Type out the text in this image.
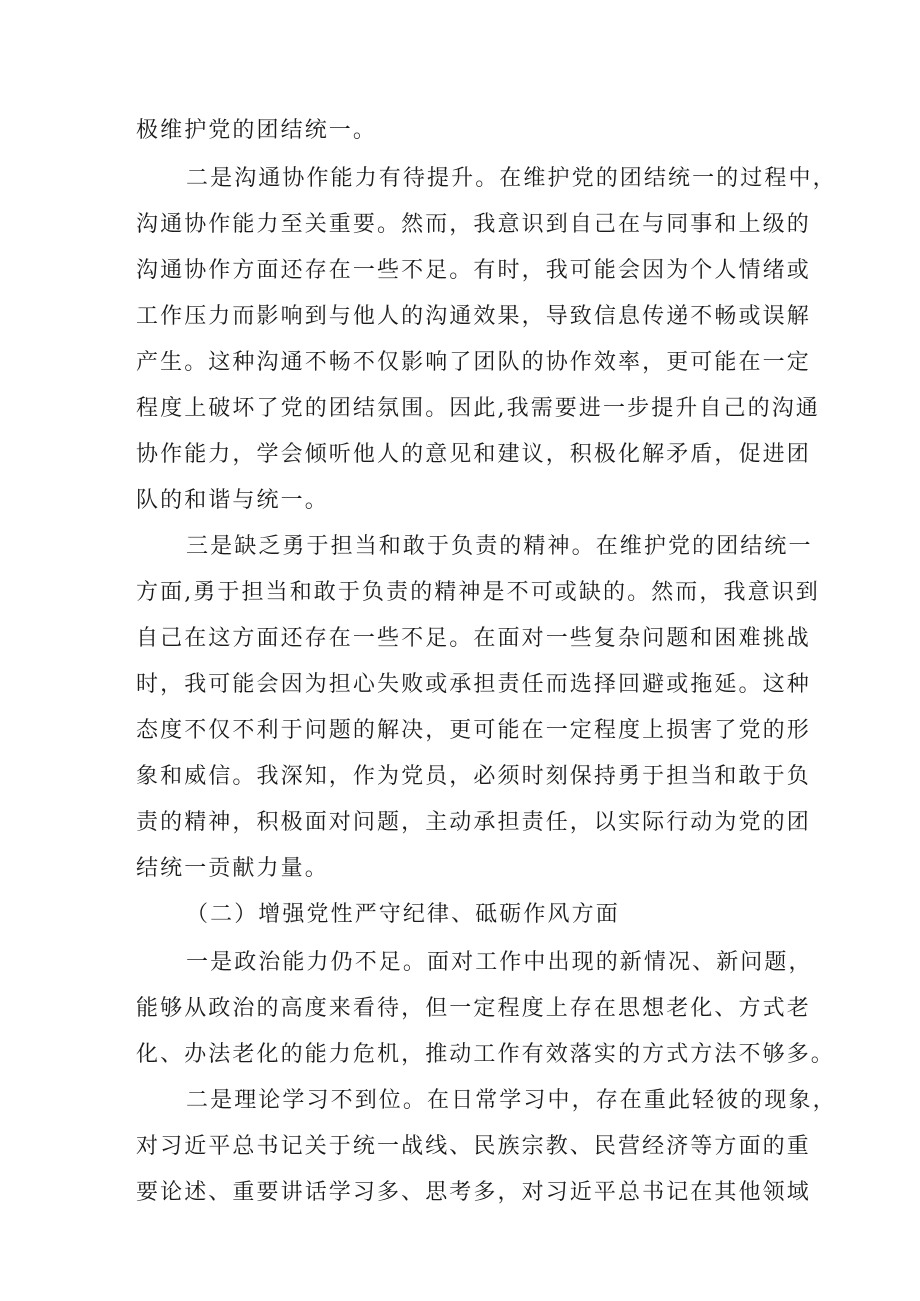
极维护党的团结统一。
二是沟通协作能力有待提升。在维护党的团结统一的过程中，
沟通协作能力至关重要。然而，我意识到自己在与同事和上级的
沟通协作方面还存在一些不足。有时，我可能会因为个人情绪或
工作压力而影响到与他人的沟通效果，导致信息传递不畅或误解
产生。这种沟通不畅不仅影响了团队的协作效率，更可能在一定
程度上破坏了党的团结氛围。因此,我需要进一步提升自己的沟通
协作能力，学会倾听他人的意见和建议，积极化解矛盾，促进团
队的和谐与统一。
三是缺乏勇于担当和敢于负责的精神。在维护党的团结统一
方面,勇于担当和敢于负责的精神是不可或缺的。然而，我意识到
自己在这方面还存在一些不足。在面对一些复杂问题和困难挑战
时，我可能会因为担心失败或承担责任而选择回避或拖延。这种
态度不仅不利于问题的解决，更可能在一定程度上损害了党的形
象和威信。我深知，作为党员，必须时刻保持勇于担当和敢于负
责的精神，积极面对问题，主动承担责任，以实际行动为党的团
结统一贡献力量。
（二）增强党性严守纪律、砥砺作风方面
一是政治能力仍不足。面对工作中出现的新情况、新问题，
能够从政治的高度来看待，但一定程度上存在思想老化、方式老
化、办法老化的能力危机，推动工作有效落实的方式方法不够多。
二是理论学习不到位。在日常学习中，存在重此轻彼的现象，
对习近平总书记关于统一战线、民族宗教、民营经济等方面的重
要论述、重要讲话学习多、思考多，对习近平总书记在其他领域
